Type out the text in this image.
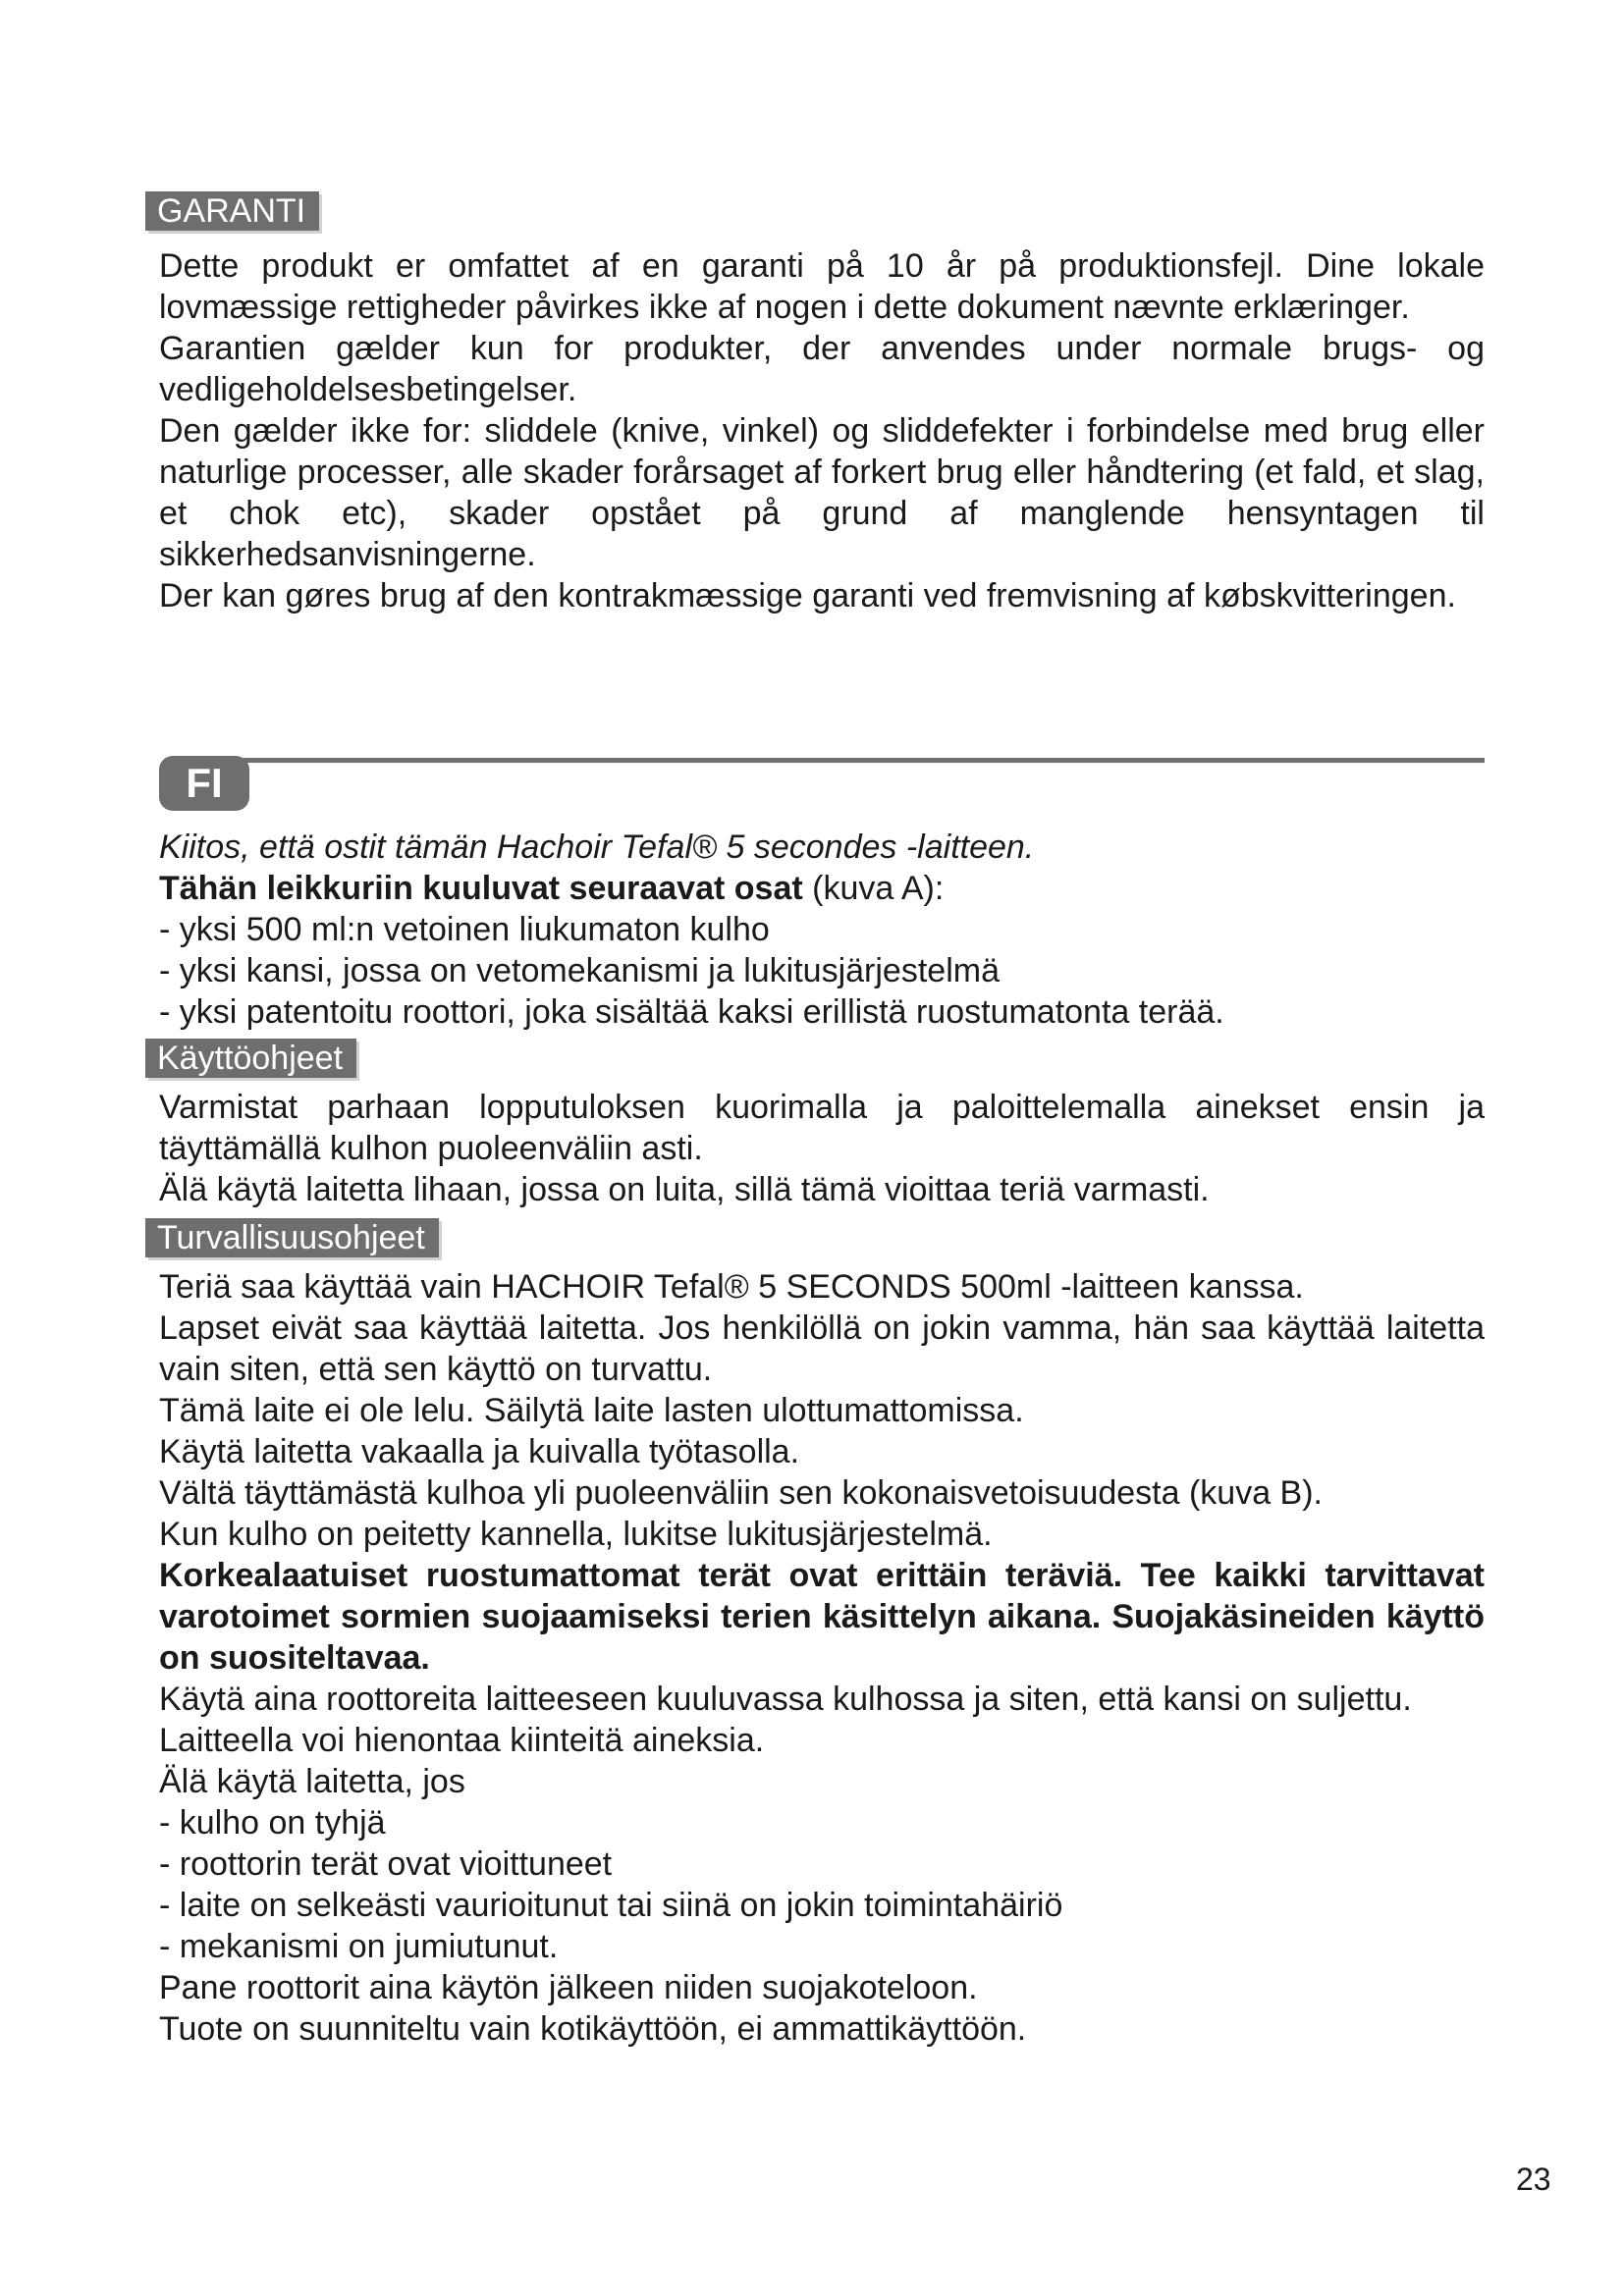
GARANTI

Dette produkt er omfattet af en garanti på 10 år på produktionsfejl. Dine lokale lovmæssige rettigheder påvirkes ikke af nogen i dette dokument nævnte erklæringer.

Garantien gælder kun for produkter, der anvendes under normale brugs- og vedligeholdelsesbetingelser.

Den gælder ikke for: sliddele (knive, vinkel) og sliddefekter i forbindelse med brug eller naturlige processer, alle skader forårsaget af forkert brug eller håndtering (et fald, et slag, et chok etc), skader opstået på grund af manglende hensyntagen til sikkerhedsanvisningerne.

Der kan gøres brug af den kontrakmæssige garanti ved fremvisning af købskvitteringen.

FI

Kiitos, että ostit tämän Hachoir Tefal® 5 secondes -laitteen.

Tähän leikkuriin kuuluvat seuraavat osat (kuva A):

- yksi 500 ml:n vetoinen liukumaton kulho

- yksi kansi, jossa on vetomekanismi ja lukitusjärjestelmä

- yksi patentoitu roottori, joka sisältää kaksi erillistä ruostumatonta terää.

Käyttöohjeet

Varmistat parhaan lopputuloksen kuorimalla ja paloittelemalla ainekset ensin ja täyttämällä kulhon puoleenväliin asti.

Älä käytä laitetta lihaan, jossa on luita, sillä tämä vioittaa teriä varmasti.

Turvallisuusohjeet

Teriä saa käyttää vain HACHOIR Tefal® 5 SECONDS 500ml -laitteen kanssa.

Lapset eivät saa käyttää laitetta. Jos henkilöllä on jokin vamma, hän saa käyttää laitetta vain siten, että sen käyttö on turvattu.

Tämä laite ei ole lelu. Säilytä laite lasten ulottumattomissa.

Käytä laitetta vakaalla ja kuivalla työtasolla.

Vältä täyttämästä kulhoa yli puoleenväliin sen kokonaisvetoisuudesta (kuva B).

Kun kulho on peitetty kannella, lukitse lukitusjärjestelmä.

Korkealaatuiset ruostumattomat terät ovat erittäin teräviä. Tee kaikki tarvittavat varotoimet sormien suojaamiseksi terien käsittelyn aikana. Suojakäsineiden käyttö on suositeltavaa.

Käytä aina roottoreita laitteeseen kuuluvassa kulhossa ja siten, että kansi on suljettu.

Laitteella voi hienontaa kiinteitä aineksia.

Älä käytä laitetta, jos

- kulho on tyhjä

- roottorin terät ovat vioittuneet

- laite on selkeästi vaurioitunut tai siinä on jokin toimintahäiriö

- mekanismi on jumiutunut.

Pane roottorit aina käytön jälkeen niiden suojakoteloon.

Tuote on suunniteltu vain kotikäyttöön, ei ammattikäyttöön.

23
